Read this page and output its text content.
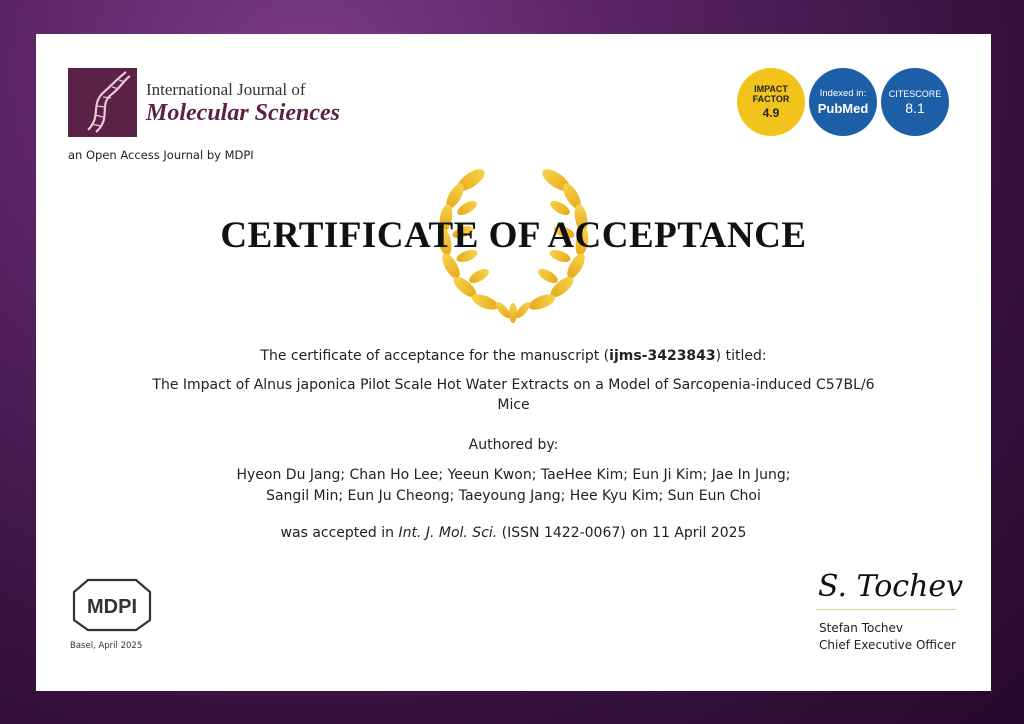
International Journal of
Molecular Sciences
an Open Access Journal by MDPI
IMPACT FACTOR
4.9
Indexed in:
PubMed
CITESCORE
8.1
CERTIFICATE OF ACCEPTANCE
The certificate of acceptance for the manuscript (ijms-3423843) titled:
The Impact of Alnus japonica Pilot Scale Hot Water Extracts on a Model of Sarcopenia-induced C57BL/6 Mice
Authored by:
Hyeon Du Jang; Chan Ho Lee; Yeeun Kwon; TaeHee Kim; Eun Ji Kim; Jae In Jung;
Sangil Min; Eun Ju Cheong; Taeyoung Jang; Hee Kyu Kim; Sun Eun Choi
was accepted in Int. J. Mol. Sci. (ISSN 1422-0067) on 11 April 2025
MDPI
Basel, April 2025
S. Tochev
Stefan Tochev
Chief Executive Officer
